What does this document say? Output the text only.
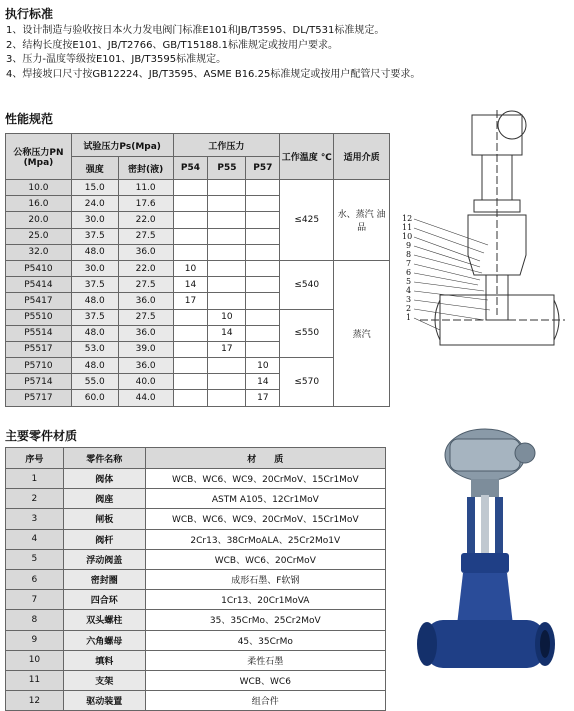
执行标准
1、设计制造与验收按日本火力发电阀门标准E101和JB/T3595、DL/T531标准规定。
2、结构长度按E101、JB/T2766、GB/T15188.1标准规定或按用户要求。
3、压力-温度等级按E101、JB/T3595标准规定。
4、焊接坡口尺寸按GB12224、JB/T3595、ASME B16.25标准规定或按用户配管尺寸要求。
性能规范
公称压力PN (Mpa)	试验压力Ps(Mpa)		工作压力			工作温度 ℃	适用介质
	强度	密封(液)	P54	P55	P57		
10.0	15.0	11.0				≤425	水、蒸汽 油品
16.0	24.0	17.6					
20.0	30.0	22.0					
25.0	37.5	27.5					
32.0	48.0	36.0					
P5410	30.0	22.0	10			≤540	蒸汽
P5414	37.5	27.5	14				
P5417	48.0	36.0	17				
P5510	37.5	27.5		10		≤550	
P5514	48.0	36.0		14			
P5517	53.0	39.0		17			
P5710	48.0	36.0			10	≤570	
P5714	55.0	40.0			14		
P5717	60.0	44.0			17		
12
11
10
9
8
7
6
5
4
3
2
1
主要零件材质
序号	零件名称	材　　质
1	阀体	WCB、WC6、WC9、20CrMoV、15Cr1MoV
2	阀座	ASTM A105、12Cr1MoV
3	闸板	WCB、WC6、WC9、20CrMoV、15Cr1MoV
4	阀杆	2Cr13、38CrMoALA、25Cr2Mo1V
5	浮动阀盖	WCB、WC6、20CrMoV
6	密封圈	成形石墨、F软钢
7	四合环	1Cr13、20Cr1MoVA
8	双头螺柱	35、35CrMo、25Cr2MoV
9	六角螺母	45、35CrMo
10	填料	柔性石墨
11	支架	WCB、WC6
12	驱动装置	组合件
